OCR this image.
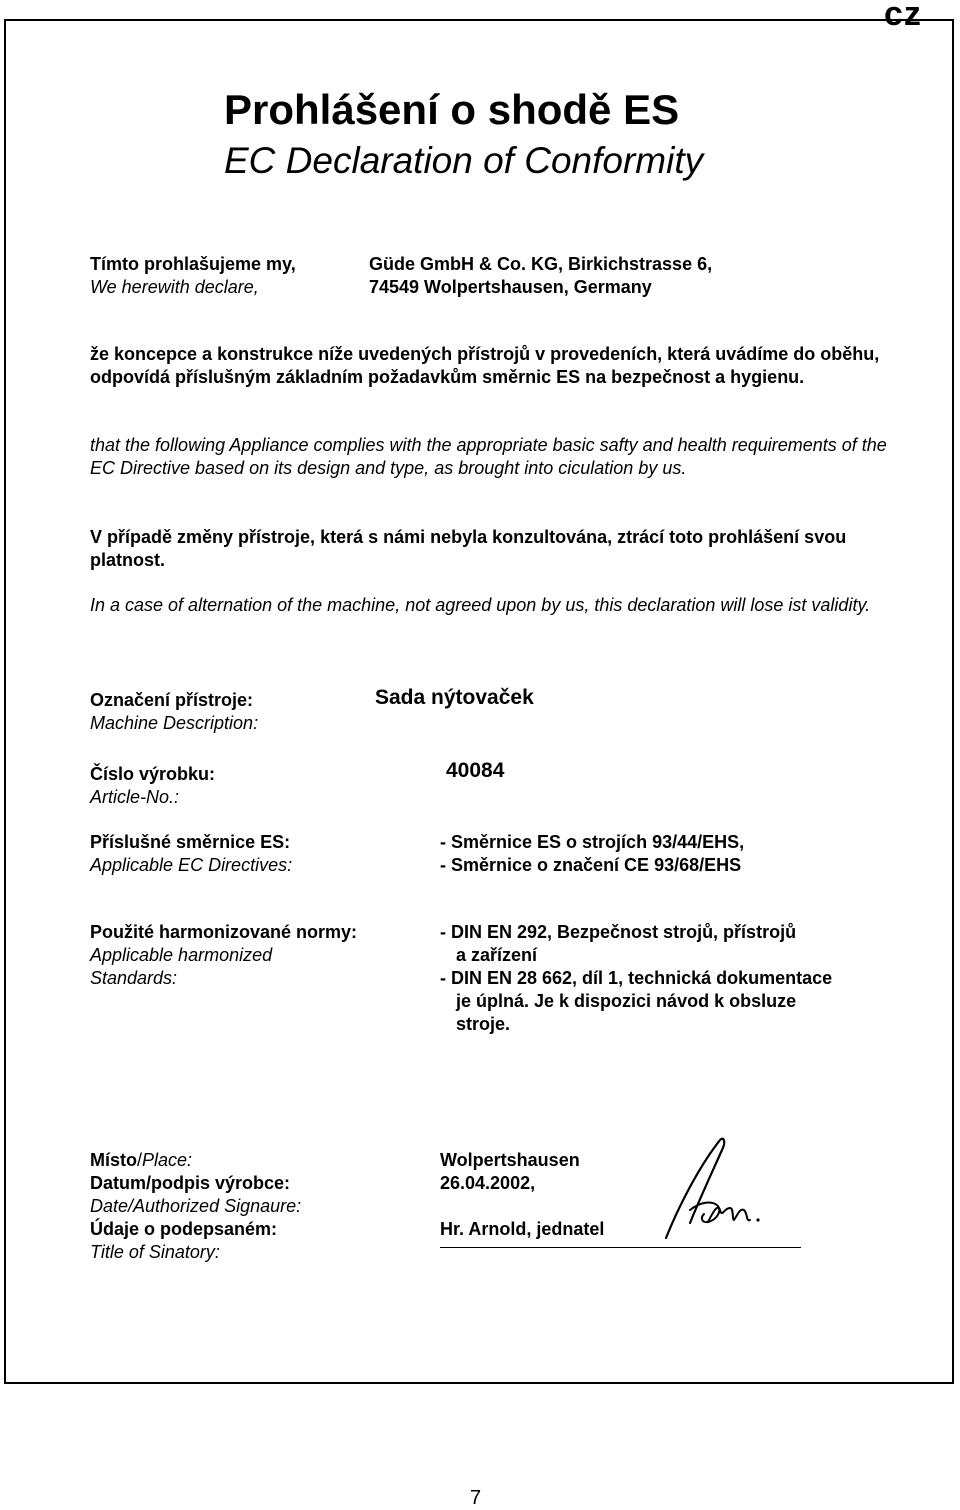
cz
Prohlášení o shodě ES
EC Declaration of Conformity
Tímto prohlašujeme my,
We herewith declare,
Güde GmbH & Co. KG, Birkichstrasse 6,
74549 Wolpertshausen, Germany
že koncepce a konstrukce níže uvedených přístrojů v provedeních, která uvádíme do oběhu, odpovídá příslušným základním požadavkům směrnic ES na bezpečnost a hygienu.
that the following Appliance complies with the appropriate basic safty and health requirements of the EC Directive based on its design and type, as brought into ciculation by us.
V případě změny přístroje, která s námi nebyla konzultována, ztrácí toto prohlášení svou platnost.
In a case of alternation of the machine, not agreed upon by us, this declaration will lose ist validity.
Označení přístroje:
Machine Description:
Sada nýtovaček
Číslo výrobku:
Article-No.:
40084
Příslušné směrnice ES:
Applicable EC Directives:
- Směrnice ES o strojích 93/44/EHS,
- Směrnice o značení CE 93/68/EHS
Použité harmonizované normy:
Applicable harmonized
Standards:
- DIN EN 292, Bezpečnost strojů, přístrojů
a zařízení
- DIN EN 28 662, díl 1, technická dokumentace
je úplná. Je k dispozici návod k obsluze
stroje.
Místo/Place:
Datum/podpis výrobce:
Date/Authorized Signaure:
Údaje o podepsaném:
Title of Sinatory:
Wolpertshausen
26.04.2002,
Hr. Arnold, jednatel
7
